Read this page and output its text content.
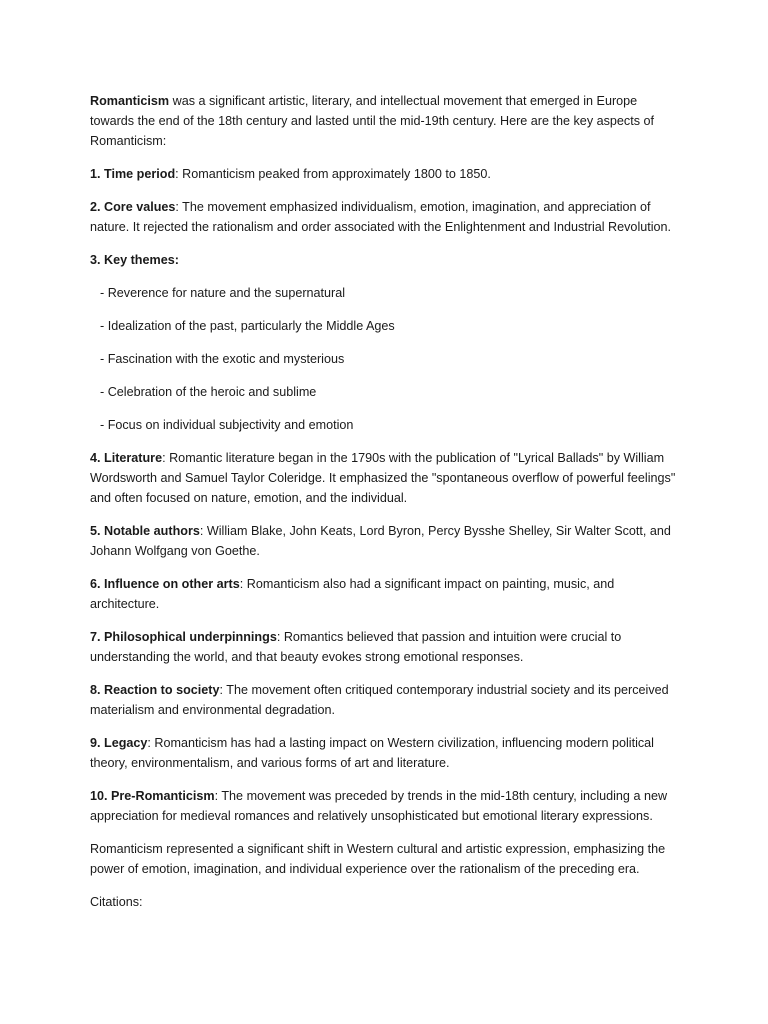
Romanticism was a significant artistic, literary, and intellectual movement that emerged in Europe towards the end of the 18th century and lasted until the mid-19th century. Here are the key aspects of Romanticism:

1. Time period: Romanticism peaked from approximately 1800 to 1850.

2. Core values: The movement emphasized individualism, emotion, imagination, and appreciation of nature. It rejected the rationalism and order associated with the Enlightenment and Industrial Revolution.

3. Key themes:

- Reverence for nature and the supernatural

- Idealization of the past, particularly the Middle Ages

- Fascination with the exotic and mysterious

- Celebration of the heroic and sublime

- Focus on individual subjectivity and emotion

4. Literature: Romantic literature began in the 1790s with the publication of "Lyrical Ballads" by William Wordsworth and Samuel Taylor Coleridge. It emphasized the "spontaneous overflow of powerful feelings" and often focused on nature, emotion, and the individual.

5. Notable authors: William Blake, John Keats, Lord Byron, Percy Bysshe Shelley, Sir Walter Scott, and Johann Wolfgang von Goethe.

6. Influence on other arts: Romanticism also had a significant impact on painting, music, and architecture.

7. Philosophical underpinnings: Romantics believed that passion and intuition were crucial to understanding the world, and that beauty evokes strong emotional responses.

8. Reaction to society: The movement often critiqued contemporary industrial society and its perceived materialism and environmental degradation.

9. Legacy: Romanticism has had a lasting impact on Western civilization, influencing modern political theory, environmentalism, and various forms of art and literature.

10. Pre-Romanticism: The movement was preceded by trends in the mid-18th century, including a new appreciation for medieval romances and relatively unsophisticated but emotional literary expressions.

Romanticism represented a significant shift in Western cultural and artistic expression, emphasizing the power of emotion, imagination, and individual experience over the rationalism of the preceding era.

Citations:
